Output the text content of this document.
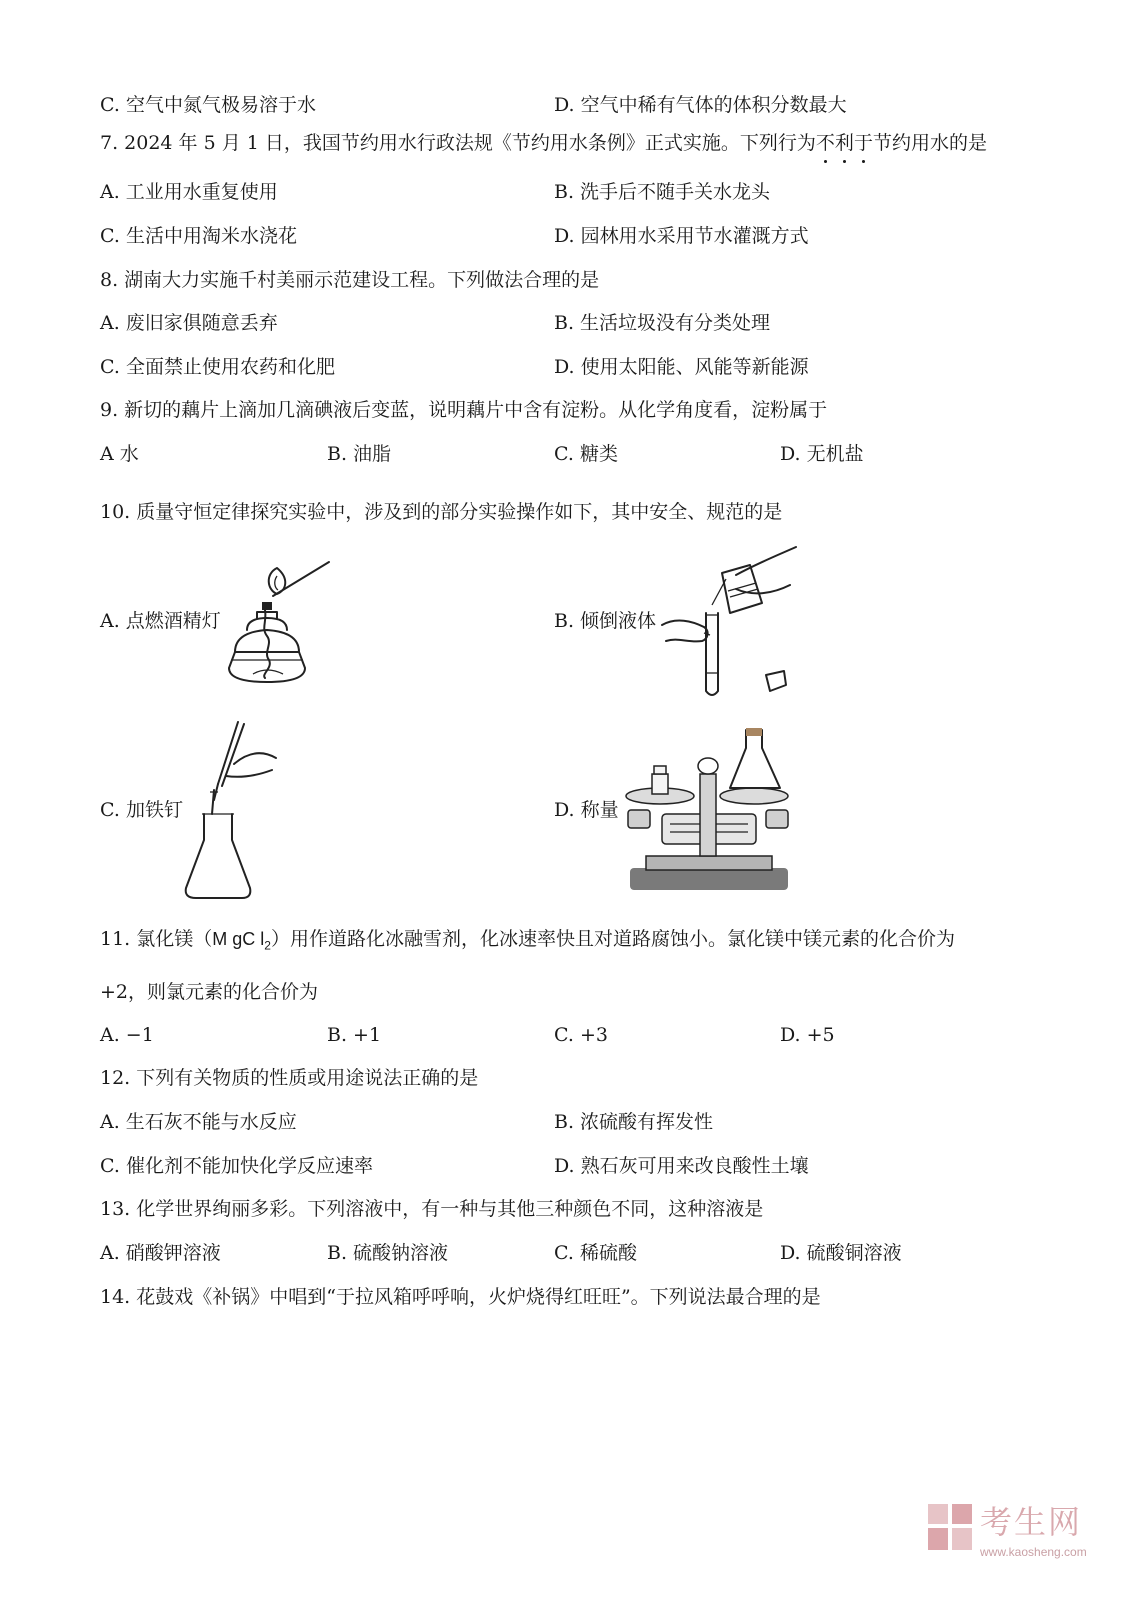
C. 空气中氮气极易溶于水	D. 空气中稀有气体的体积分数最大
7. 2024 年 5 月 1 日，我国节约用水行政法规《节约用水条例》正式实施。下列行为不利于节约用水的是
A. 工业用水重复使用	B. 洗手后不随手关水龙头
C. 生活中用淘米水浇花	D. 园林用水采用节水灌溉方式
8. 湖南大力实施千村美丽示范建设工程。下列做法合理的是
A. 废旧家俱随意丢弃	B. 生活垃圾没有分类处理
C. 全面禁止使用农药和化肥	D. 使用太阳能、风能等新能源
9. 新切的藕片上滴加几滴碘液后变蓝，说明藕片中含有淀粉。从化学角度看，淀粉属于
A 水	B. 油脂	C. 糖类	D. 无机盐
10. 质量守恒定律探究实验中，涉及到的部分实验操作如下，其中安全、规范的是
A. 点燃酒精灯	B. 倾倒液体
C. 加铁钉	D. 称量
11. 氯化镁（M gC $l_2$）用作道路化冰融雪剂，化冰速率快且对道路腐蚀小。氯化镁中镁元素的化合价为
+2，则氯元素的化合价为
A. −1	B. +1	C. +3	D. +5
12. 下列有关物质的性质或用途说法正确的是
A. 生石灰不能与水反应	B. 浓硫酸有挥发性
C. 催化剂不能加快化学反应速率	D. 熟石灰可用来改良酸性土壤
13. 化学世界绚丽多彩。下列溶液中，有一种与其他三种颜色不同，这种溶液是
A. 硝酸钾溶液	B. 硫酸钠溶液	C. 稀硫酸	D. 硫酸铜溶液
14. 花鼓戏《补锅》中唱到“于拉风箱呼呼响，火炉烧得红旺旺”。下列说法最合理的是
考生网
www.kaosheng.com
